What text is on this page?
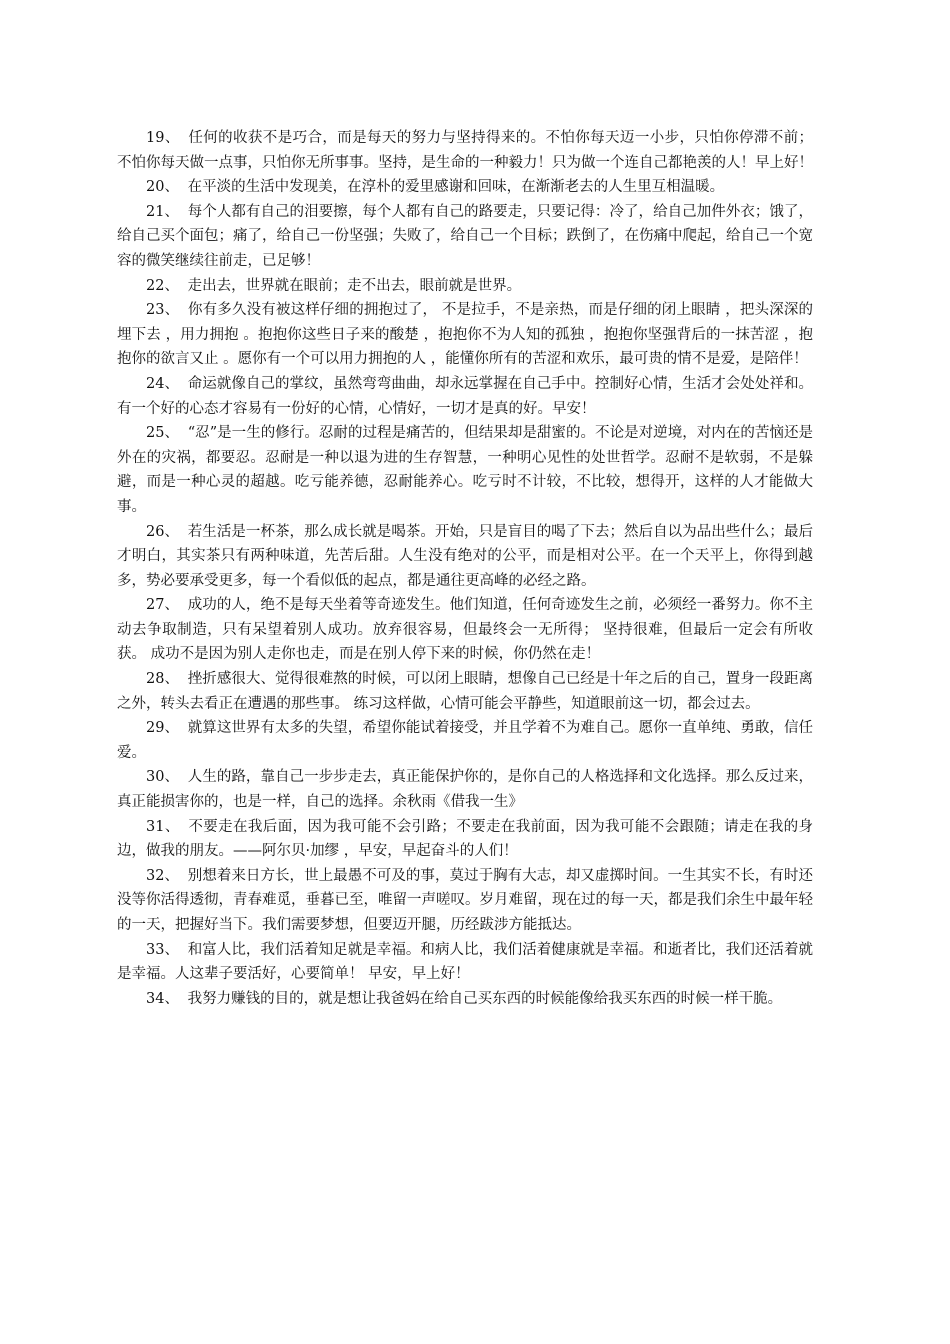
19、 任何的收获不是巧合，而是每天的努力与坚持得来的。不怕你每天迈一小步，只怕你停滞不前； 不怕你每天做一点事，只怕你无所事事。坚持，是生命的一种毅力！只为做一个连自己都艳羡的人！早上好！

20、 在平淡的生活中发现美，在淳朴的爱里感谢和回味，在渐渐老去的人生里互相温暖。

21、 每个人都有自己的泪要擦，每个人都有自己的路要走，只要记得：冷了，给自己加件外衣；饿了，给自己买个面包；痛了，给自己一份坚强；失败了，给自己一个目标；跌倒了，在伤痛中爬起，给自己一个宽容的微笑继续往前走，已足够！

22、 走出去，世界就在眼前；走不出去，眼前就是世界。

23、 你有多久没有被这样仔细的拥抱过了， 不是拉手，不是亲热，而是仔细的闭上眼睛 ，把头深深的埋下去 ，用力拥抱 。抱抱你这些日子来的酸楚 ，抱抱你不为人知的孤独 ，抱抱你坚强背后的一抹苦涩 ，抱抱你的欲言又止 。愿你有一个可以用力拥抱的人 ，能懂你所有的苦涩和欢乐，最可贵的情不是爱，是陪伴！

24、 命运就像自己的掌纹，虽然弯弯曲曲，却永远掌握在自己手中。控制好心情，生活才会处处祥和。有一个好的心态才容易有一份好的心情，心情好，一切才是真的好。早安！

25、 “忍”是一生的修行。忍耐的过程是痛苦的，但结果却是甜蜜的。不论是对逆境，对内在的苦恼还是外在的灾祸，都要忍。忍耐是一种以退为进的生存智慧，一种明心见性的处世哲学。忍耐不是软弱，不是躲避，而是一种心灵的超越。吃亏能养德，忍耐能养心。吃亏时不计较，不比较，想得开，这样的人才能做大事。

26、 若生活是一杯茶，那么成长就是喝茶。开始，只是盲目的喝了下去；然后自以为品出些什么；最后才明白，其实茶只有两种味道，先苦后甜。人生没有绝对的公平，而是相对公平。在一个天平上，你得到越多，势必要承受更多，每一个看似低的起点，都是通往更高峰的必经之路。

27、 成功的人，绝不是每天坐着等奇迹发生。他们知道，任何奇迹发生之前，必须经一番努力。你不主动去争取制造，只有呆望着别人成功。放弃很容易，但最终会一无所得； 坚持很难，但最后一定会有所收获。 成功不是因为别人走你也走，而是在别人停下来的时候，你仍然在走！

28、 挫折感很大、觉得很难熬的时候，可以闭上眼睛，想像自己已经是十年之后的自己，置身一段距离之外，转头去看正在遭遇的那些事。 练习这样做，心情可能会平静些，知道眼前这一切，都会过去。

29、 就算这世界有太多的失望，希望你能试着接受，并且学着不为难自己。愿你一直单纯、勇敢，信任爱。

30、 人生的路，靠自己一步步走去，真正能保护你的，是你自己的人格选择和文化选择。那么反过来，真正能损害你的，也是一样，自己的选择。余秋雨《借我一生》

31、 不要走在我后面，因为我可能不会引路；不要走在我前面，因为我可能不会跟随；请走在我的身边，做我的朋友。——阿尔贝·加缪 ，早安，早起奋斗的人们！

32、 别想着来日方长，世上最愚不可及的事，莫过于胸有大志，却又虚掷时间。一生其实不长，有时还没等你活得透彻，青春难觅，垂暮已至，唯留一声嗟叹。岁月难留，现在过的每一天，都是我们余生中最年轻的一天，把握好当下。我们需要梦想，但要迈开腿，历经跋涉方能抵达。

33、 和富人比，我们活着知足就是幸福。和病人比，我们活着健康就是幸福。和逝者比，我们还活着就是幸福。人这辈子要活好，心要简单！ 早安，早上好！

34、 我努力赚钱的目的，就是想让我爸妈在给自己买东西的时候能像给我买东西的时候一样干脆。
